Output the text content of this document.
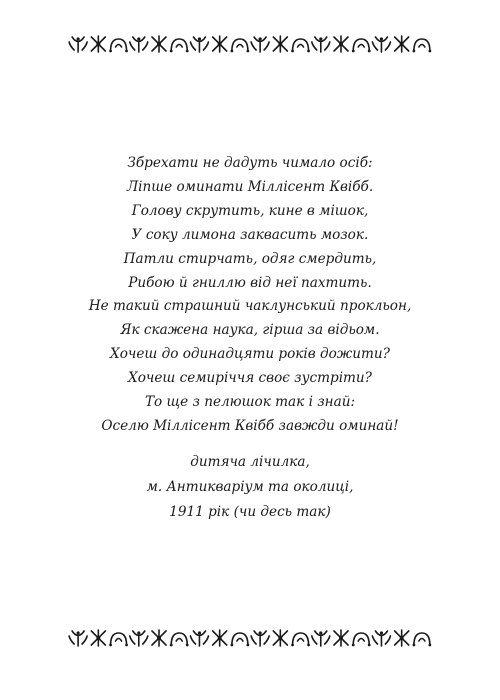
Збрехати не дадуть чимало осіб:
Ліпше оминати Міллісент Квібб.
Голову скрутить, кине в мішок,
У соку лимона заквасить мозок.
Патли стирчать, одяг смердить,
Рибою й гниллю від неї пахтить.
Не такий страшний чаклунський прокльон,
Як скажена наука, гірша за відьом.
Хочеш до одинадцяти років дожити?
Хочеш семиріччя своє зустріти?
То ще з пелюшок так і знай:
Оселю Міллісент Квібб завжди оминай!
дитяча лічилка,
м. Антикваріум та околиці,
1911 рік (чи десь так)
